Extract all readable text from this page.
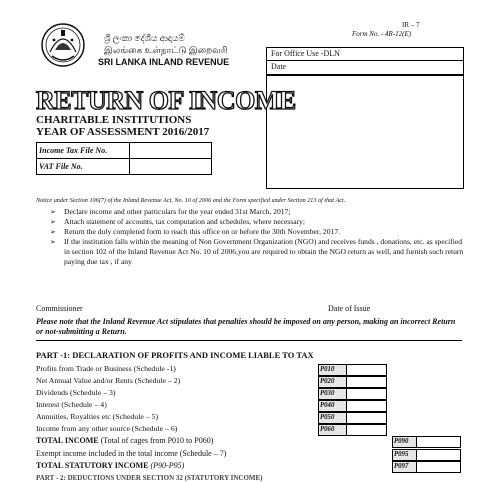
ශ්‍රී ලංකා දේශීය ආදායම්
இலங்கை உள்நாட்டு இறைவரி
SRI LANKA INLAND REVENUE
IR – 7
Form No. - 4R-12(E)
For Office Use -DLN
Date
RETURN OF INCOME
CHARITABLE INSTITUTIONS
YEAR OF ASSESSMENT 2016/2017
Income Tax File No.
VAT File No.
Notice under Section 106(7) of the Inland Revenue Act, No. 10 of 2006 and the Form specified under Section 213 of that Act.
➢ Declare income and other particulars for the year ended 31st March, 2017;
➢ Attach statement of accounts, tax computation and schedules, where necessary;
➢ Return the duly completed form to reach this office on or before the 30th November, 2017.
➢ If the institution falls within the meaning of Non Government Organization (NGO) and receives funds , donations, etc. as specified in section 102 of the Inland Revenue Act No. 10 of 2006,you are required to obtain the NGO return as well, and furnish such return paying due tax , if any
Commissioner	Date of Issue
Please note that the Inland Revenue Act stipulates that penalties should be imposed on any person, making an incorrect Return or not-submitting a Return.
PART -1: DECLARATION OF PROFITS AND INCOME LIABLE TO TAX
Profits from Trade or Business (Schedule -1)	P010
Net Annual Value and/or Rents (Schedule – 2)	P020
Dividends (Schedule – 3)	P030
Interest (Schedule – 4)	P040
Annuities, Royalties etc (Schedule – 5)	P050
Income from any other source (Schedule – 6)	P060
TOTAL INCOME (Total of cages from P010 to P060)	P090
Exempt income included in the total income (Schedule – 7)	P095
TOTAL STATUTORY INCOME (P90-P95)	P097
PART - 2: DEDUCTIONS UNDER SECTION 32 (STATUTORY INCOME)
